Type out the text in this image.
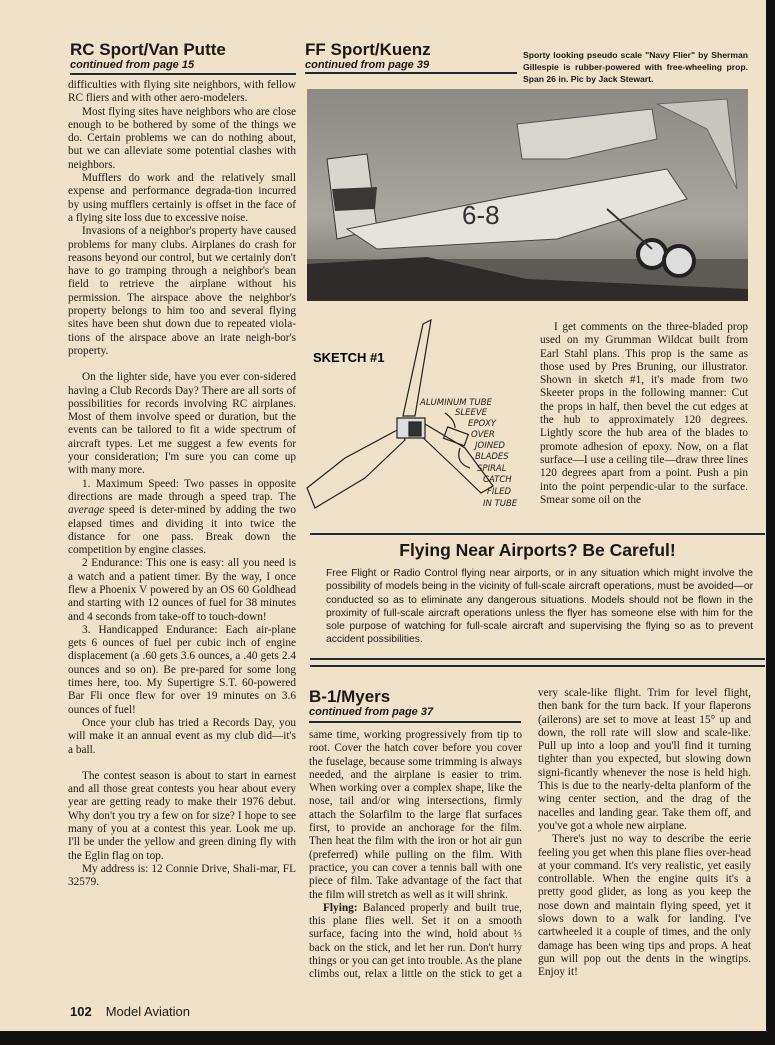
RC Sport/Van Putte
continued from page 15

difficulties with flying site neighbors, with fellow RC fliers and with other aero-modelers.

Most flying sites have neighbors who are close enough to be bothered by some of the things we do. Certain problems we can do nothing about, but we can alleviate some potential clashes with neighbors.

Mufflers do work and the relatively small expense and performance degrada-tion incurred by using mufflers certainly is offset in the face of a flying site loss due to excessive noise.

Invasions of a neighbor's property have caused problems for many clubs. Airplanes do crash for reasons beyond our control, but we certainly don't have to go tramping through a neighbor's bean field to retrieve the airplane without his permission. The airspace above the neighbor's property belongs to him too and several flying sites have been shut down due to repeated viola-tions of the airspace above an irate neigh-bor's property.

On the lighter side, have you ever con-sidered having a Club Records Day? There are all sorts of possibilities for records involving RC airplanes. Most of them involve speed or duration, but the events can be tailored to fit a wide spectrum of aircraft types. Let me suggest a few events for your consideration; I'm sure you can come up with many more.

1. Maximum Speed: Two passes in opposite directions are made through a speed trap. The average speed is deter-mined by adding the two elapsed times and dividing it into twice the distance for one pass. Break down the competition by engine classes.

2 Endurance: This one is easy: all you need is a watch and a patient timer. By the way, I once flew a Phoenix V powered by an OS 60 Goldhead and starting with 12 ounces of fuel for 38 minutes and 4 seconds from take-off to touch-down!

3. Handicapped Endurance: Each air-plane gets 6 ounces of fuel per cubic inch of engine displacement (a .60 gets 3.6 ounces, a .40 gets 2.4 ounces and so on). Be pre-pared for some long times here, too. My Supertigre S.T. 60-powered Bar Fli once flew for over 19 minutes on 3.6 ounces of fuel!

Once your club has tried a Records Day, you will make it an annual event as my club did—it's a ball.

The contest season is about to start in earnest and all those great contests you hear about every year are getting ready to make their 1976 debut. Why don't you try a few on for size? I hope to see many of you at a contest this year. Look me up. I'll be under the yellow and green dining fly with the Eglin flag on top.

My address is: 12 Connie Drive, Shali-mar, FL 32579.

FF Sport/Kuenz
continued from page 39
Sporty looking pseudo scale "Navy Flier" by Sherman Gillespie is rubber-powered with free-wheeling prop. Span 26 in. Pic by Jack Stewart.
6-8
SKETCH #1
ALUMINUM TUBE
SLEEVE
EPOXY
OVER
JOINED
BLADES
SPIRAL
CATCH
FILED
IN TUBE

I get comments on the three-bladed prop used on my Grumman Wildcat built from Earl Stahl plans. This prop is the same as those used by Pres Bruning, our illustrator. Shown in sketch #1, it's made from two Skeeter props in the following manner: Cut the props in half, then bevel the cut edges at the hub to approximately 120 degrees. Lightly score the hub area of the blades to promote adhesion of epoxy. Now, on a flat surface—I use a ceiling tile—draw three lines 120 degrees apart from a point. Push a pin into the point perpendic-ular to the surface. Smear some oil on the

Flying Near Airports? Be Careful!
Free Flight or Radio Control flying near airports, or in any situation which might involve the possibility of models being in the vicinity of full-scale aircraft operations, must be avoided—or conducted so as to eliminate any dangerous situations. Models should not be flown in the proximity of full-scale aircraft operations unless the flyer has someone else with him for the sole purpose of watching for full-scale aircraft and supervising the flying so as to prevent accident possibilities.
B-1/Myers
continued from page 37

same time, working progressively from tip to root. Cover the hatch cover before you cover the fuselage, because some trimming is always needed, and the airplane is easier to trim. When working over a complex shape, like the nose, tail and/or wing intersections, firmly attach the Solarfilm to the large flat surfaces first, to provide an anchorage for the film. Then heat the film with the iron or hot air gun (preferred) while pulling on the film. With practice, you can cover a tennis ball with one piece of film. Take advantage of the fact that the film will stretch as well as it will shrink.

Flying: Balanced properly and built true, this plane flies well. Set it on a smooth surface, facing into the wind, hold about ⅓ back on the stick, and let her run. Don't hurry things or you can get into trouble. As the plane climbs out, relax a little on the stick to get a very scale-like flight. Trim for level flight, then bank for the turn back. If your flaperons (ailerons) are set to move at least 15° up and down, the roll rate will slow and scale-like. Pull up into a loop and you'll find it turning tighter than you expected, but slowing down signi-ficantly whenever the nose is held high. This is due to the nearly-delta planform of the wing center section, and the drag of the nacelles and landing gear. Take them off, and you've got a whole new airplane.

There's just no way to describe the eerie feeling you get when this plane flies over-head at your command. It's very realistic, yet easily controllable. When the engine quits it's a pretty good glider, as long as you keep the nose down and maintain flying speed, yet it slows down to a walk for landing. I've cartwheeled it a couple of times, and the only damage has been wing tips and props. A heat gun will pop out the dents in the wingtips. Enjoy it!

102 Model Aviation
